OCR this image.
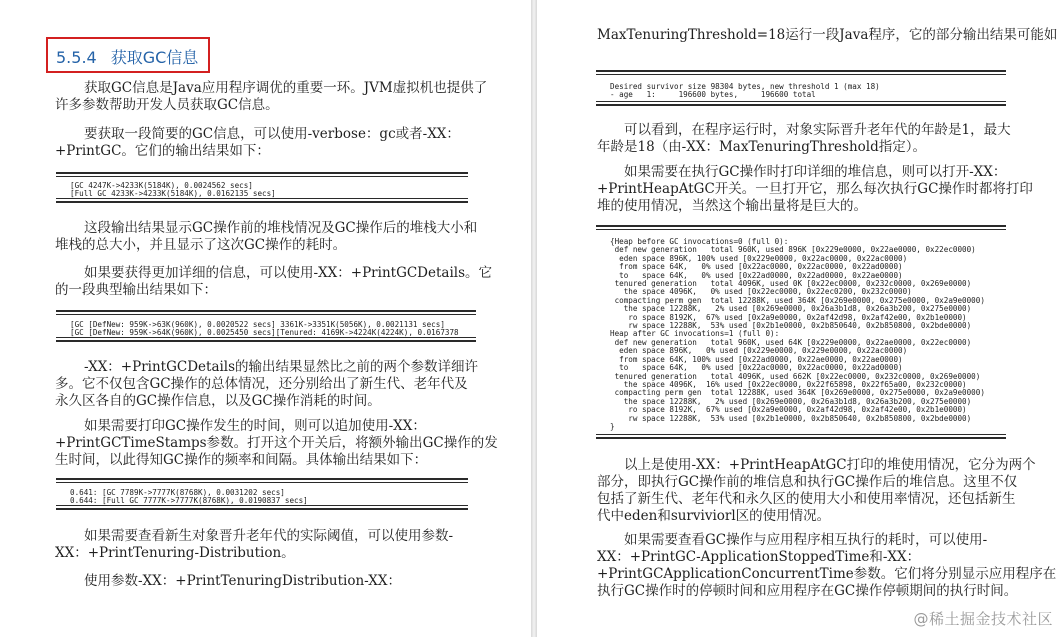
5.5.4 获取GC信息
获取GC信息是Java应用程序调优的重要一环。JVM虚拟机也提供了
许多参数帮助开发人员获取GC信息。
要获取一段简要的GC信息，可以使用-verbose：gc或者-XX：
+PrintGC。它们的输出结果如下：
[GC 4247K->4233K(5184K), 0.0024562 secs]
[Full GC 4233K->4233K(5184K), 0.0162135 secs]
这段输出结果显示GC操作前的堆栈情况及GC操作后的堆栈大小和
堆栈的总大小，并且显示了这次GC操作的耗时。
如果要获得更加详细的信息，可以使用-XX：+PrintGCDetails。它
的一段典型输出结果如下：
[GC [DefNew: 959K->63K(960K), 0.0020522 secs] 3361K->3351K(5056K), 0.0021131 secs]
[GC [DefNew: 959K->64K(960K), 0.0025450 secs][Tenured: 4169K->4224K(4224K), 0.0167378
-XX：+PrintGCDetails的输出结果显然比之前的两个参数详细许
多。它不仅包含GC操作的总体情况，还分别给出了新生代、老年代及
永久区各自的GC操作信息，以及GC操作消耗的时间。
如果需要打印GC操作发生的时间，则可以追加使用-XX：
+PrintGCTimeStamps参数。打开这个开关后，将额外输出GC操作的发
生时间，以此得知GC操作的频率和间隔。具体输出结果如下：
0.641: [GC 7789K->7777K(8768K), 0.0031202 secs]
0.644: [Full GC 7777K->7777K(8768K), 0.0190837 secs]
如果需要查看新生对象晋升老年代的实际阈值，可以使用参数-
XX：+PrintTenuring-Distribution。
使用参数-XX：+PrintTenuringDistribution-XX：
MaxTenuringThreshold=18运行一段Java程序，它的部分输出结果可能如
Desired survivor size 98304 bytes, new threshold 1 (max 18)
- age   1:     196600 bytes,     196600 total
可以看到，在程序运行时，对象实际晋升老年代的年龄是1，最大
年龄是18（由-XX：MaxTenuringThreshold指定）。
如果需要在执行GC操作时打印详细的堆信息，则可以打开-XX：
+PrintHeapAtGC开关。一旦打开它，那么每次执行GC操作时都将打印
堆的使用情况，当然这个输出量将是巨大的。
{Heap before GC invocations=0 (full 0):
def new generation   total 960K, used 896K [0x229e0000, 0x22ae0000, 0x22ec0000)
eden space 896K, 100% used [0x229e0000, 0x22ac0000, 0x22ac0000)
from space 64K,   0% used [0x22ac0000, 0x22ac0000, 0x22ad0000)
to   space 64K,   0% used [0x22ad0000, 0x22ad0000, 0x22ae0000)
tenured generation   total 4096K, used 0K [0x22ec0000, 0x232c0000, 0x269e0000)
the space 4096K,   0% used [0x22ec0000, 0x22ec0200, 0x232c0000)
compacting perm gen  total 12288K, used 364K [0x269e0000, 0x275e0000, 0x2a9e0000)
the space 12288K,   2% used [0x269e0000, 0x26a3b1d8, 0x26a3b200, 0x275e0000)
ro space 8192K,  67% used [0x2a9e0000, 0x2af42d98, 0x2af42e00, 0x2b1e0000)
rw space 12288K,  53% used [0x2b1e0000, 0x2b850640, 0x2b850800, 0x2bde0000)
Heap after GC invocations=1 (full 0):
def new generation   total 960K, used 64K [0x229e0000, 0x22ae0000, 0x22ec0000)
eden space 896K,   0% used [0x229e0000, 0x229e0000, 0x22ac0000)
from space 64K, 100% used [0x22ad0000, 0x22ae0000, 0x22ae0000)
to   space 64K,   0% used [0x22ac0000, 0x22ac0000, 0x22ad0000)
tenured generation   total 4096K, used 662K [0x22ec0000, 0x232c0000, 0x269e0000)
the space 4096K,  16% used [0x22ec0000, 0x22f65898, 0x22f65a00, 0x232c0000)
compacting perm gen  total 12288K, used 364K [0x269e0000, 0x275e0000, 0x2a9e0000)
the space 12288K,   2% used [0x269e0000, 0x26a3b1d8, 0x26a3b200, 0x275e0000)
ro space 8192K,  67% used [0x2a9e0000, 0x2af42d98, 0x2af42e00, 0x2b1e0000)
rw space 12288K,  53% used [0x2b1e0000, 0x2b850640, 0x2b850800, 0x2bde0000)
}
以上是使用-XX：+PrintHeapAtGC打印的堆使用情况，它分为两个
部分，即执行GC操作前的堆信息和执行GC操作后的堆信息。这里不仅
包括了新生代、老年代和永久区的使用大小和使用率情况，还包括新生
代中eden和surviviorl区的使用情况。
如果需要查看GC操作与应用程序相互执行的耗时，可以使用-
XX：+PrintGC-ApplicationStoppedTime和-XX：
+PrintGCApplicationConcurrentTime参数。它们将分别显示应用程序在
执行GC操作时的停顿时间和应用程序在GC操作停顿期间的执行时间。
@稀土掘金技术社区
